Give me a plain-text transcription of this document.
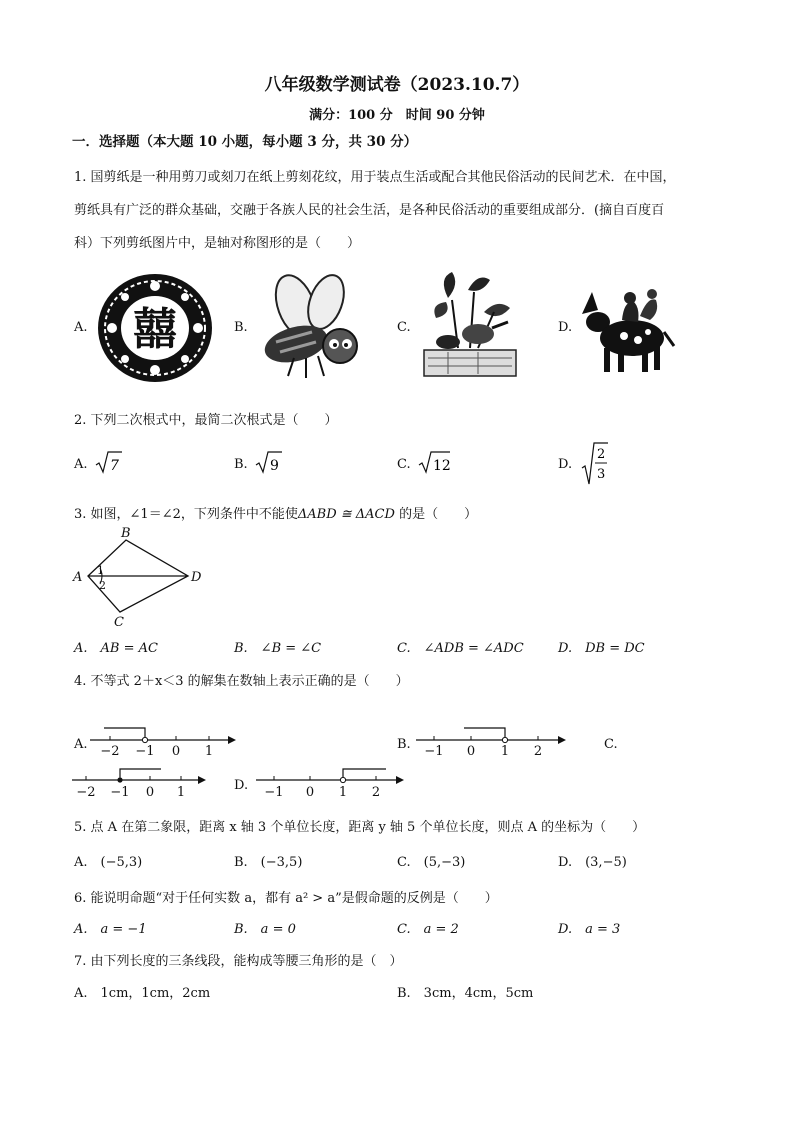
八年级数学测试卷（2023.10.7）
满分：100 分　时间 90 分钟
一．选择题（本大题 10 小题，每小题 3 分，共 30 分）
1. 国剪纸是一种用剪刀或刻刀在纸上剪刻花纹，用于装点生活或配合其他民俗活动的民间艺术．在中国，
剪纸具有广泛的群众基础，交融于各族人民的社会生活，是各种民俗活动的重要组成部分．(摘自百度百
科）下列剪纸图片中，是轴对称图形的是（　　）
A.	B.	C.	D.
囍
2. 下列二次根式中，最简二次根式是（　　）
A. 7	B. 9	C. 12	D.
2
3
3. 如图，∠1＝∠2，下列条件中不能使ΔABD ≅ ΔACD 的是（　　）
A
B
D
C
1
2
A.　AB = AC	B.　∠B = ∠C	C.　∠ADB = ∠ADC	D.　DB = DC
4. 不等式 2＋x＜3 的解集在数轴上表示正确的是（　　）
A. −2 −1 0 1	B. −1 0 1 2	C.
−2 −1 0 1	D. −1 0 1 2
5. 点 A 在第二象限，距离 x 轴 3 个单位长度，距离 y 轴 5 个单位长度，则点 A 的坐标为（　　）
A.　(−5,3)	B.　(−3,5)	C.　(5,−3)	D.　(3,−5)
6. 能说明命题“对于任何实数 a，都有 a² > a”是假命题的反例是（　　）
A.　a = −1	B.　a = 0	C.　a = 2	D.　a = 3
7. 由下列长度的三条线段，能构成等腰三角形的是（　）
A.　1cm，1cm，2cm	B.　3cm，4cm，5cm
